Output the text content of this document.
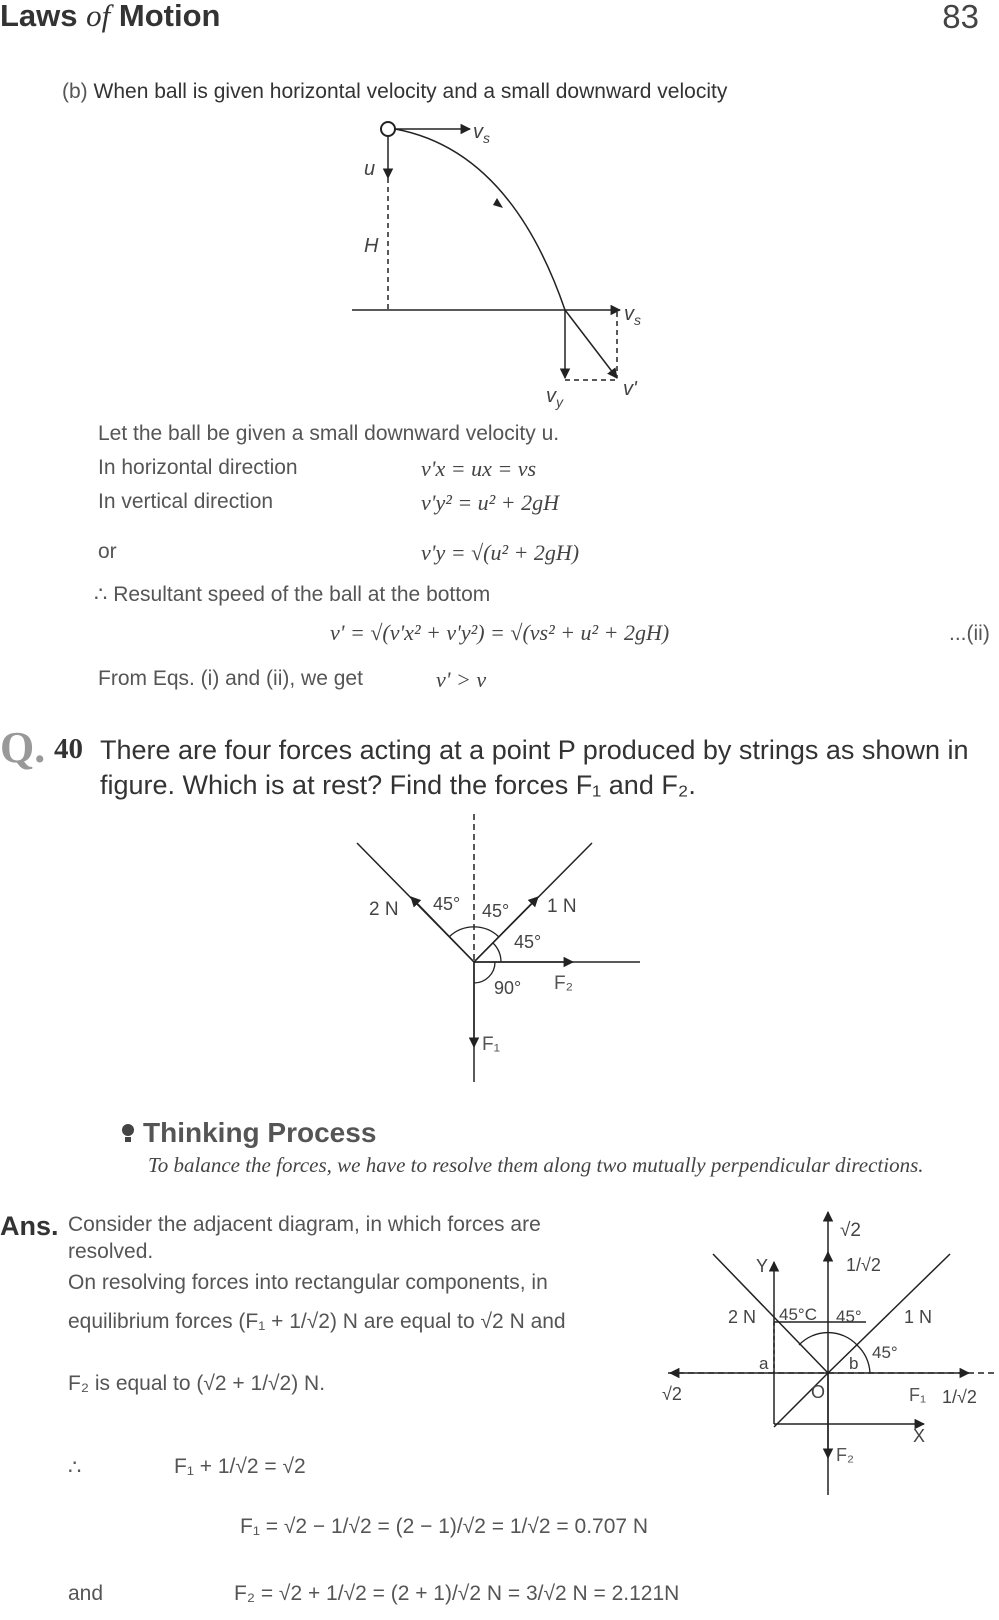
Laws of Motion	83
(b) When ball is given horizontal velocity and a small downward velocity
$v_s$
u
H
$v_s$
$v_y$
v'
2 N 45° 45° 1 N
45°
90° F₂
F₁
√2
1/√2
Y
2 N 45°C 45° 1 N
45°
a	b
√2	O	F₁ 1/√2
X
F₂
Let the ball be given a small downward velocity u.
In horizontal direction	v'x = ux = vs
In vertical direction	v'y² = u² + 2gH
or	v'y = √(u² + 2gH)
∴ Resultant speed of the ball at the bottom
v' = √(v'x² + v'y²) = √(vs² + u² + 2gH)	...(ii)
From Eqs. (i) and (ii), we get	v' > v
Q. 40 There are four forces acting at a point P produced by strings as shown in figure. Which is at rest? Find the forces F₁ and F₂.
Thinking Process
To balance the forces, we have to resolve them along two mutually perpendicular directions.
Ans. Consider the adjacent diagram, in which forces are
resolved.
On resolving forces into rectangular components, in
equilibrium forces (F₁ + 1/√2) N are equal to √2 N and
F₂ is equal to (√2 + 1/√2) N.
∴	F₁ + 1/√2 = √2
F₁ = √2 − 1/√2 = (2 − 1)/√2 = 1/√2 = 0.707 N
and	F₂ = √2 + 1/√2 = (2 + 1)/√2 N = 3/√2 N = 2.121N
